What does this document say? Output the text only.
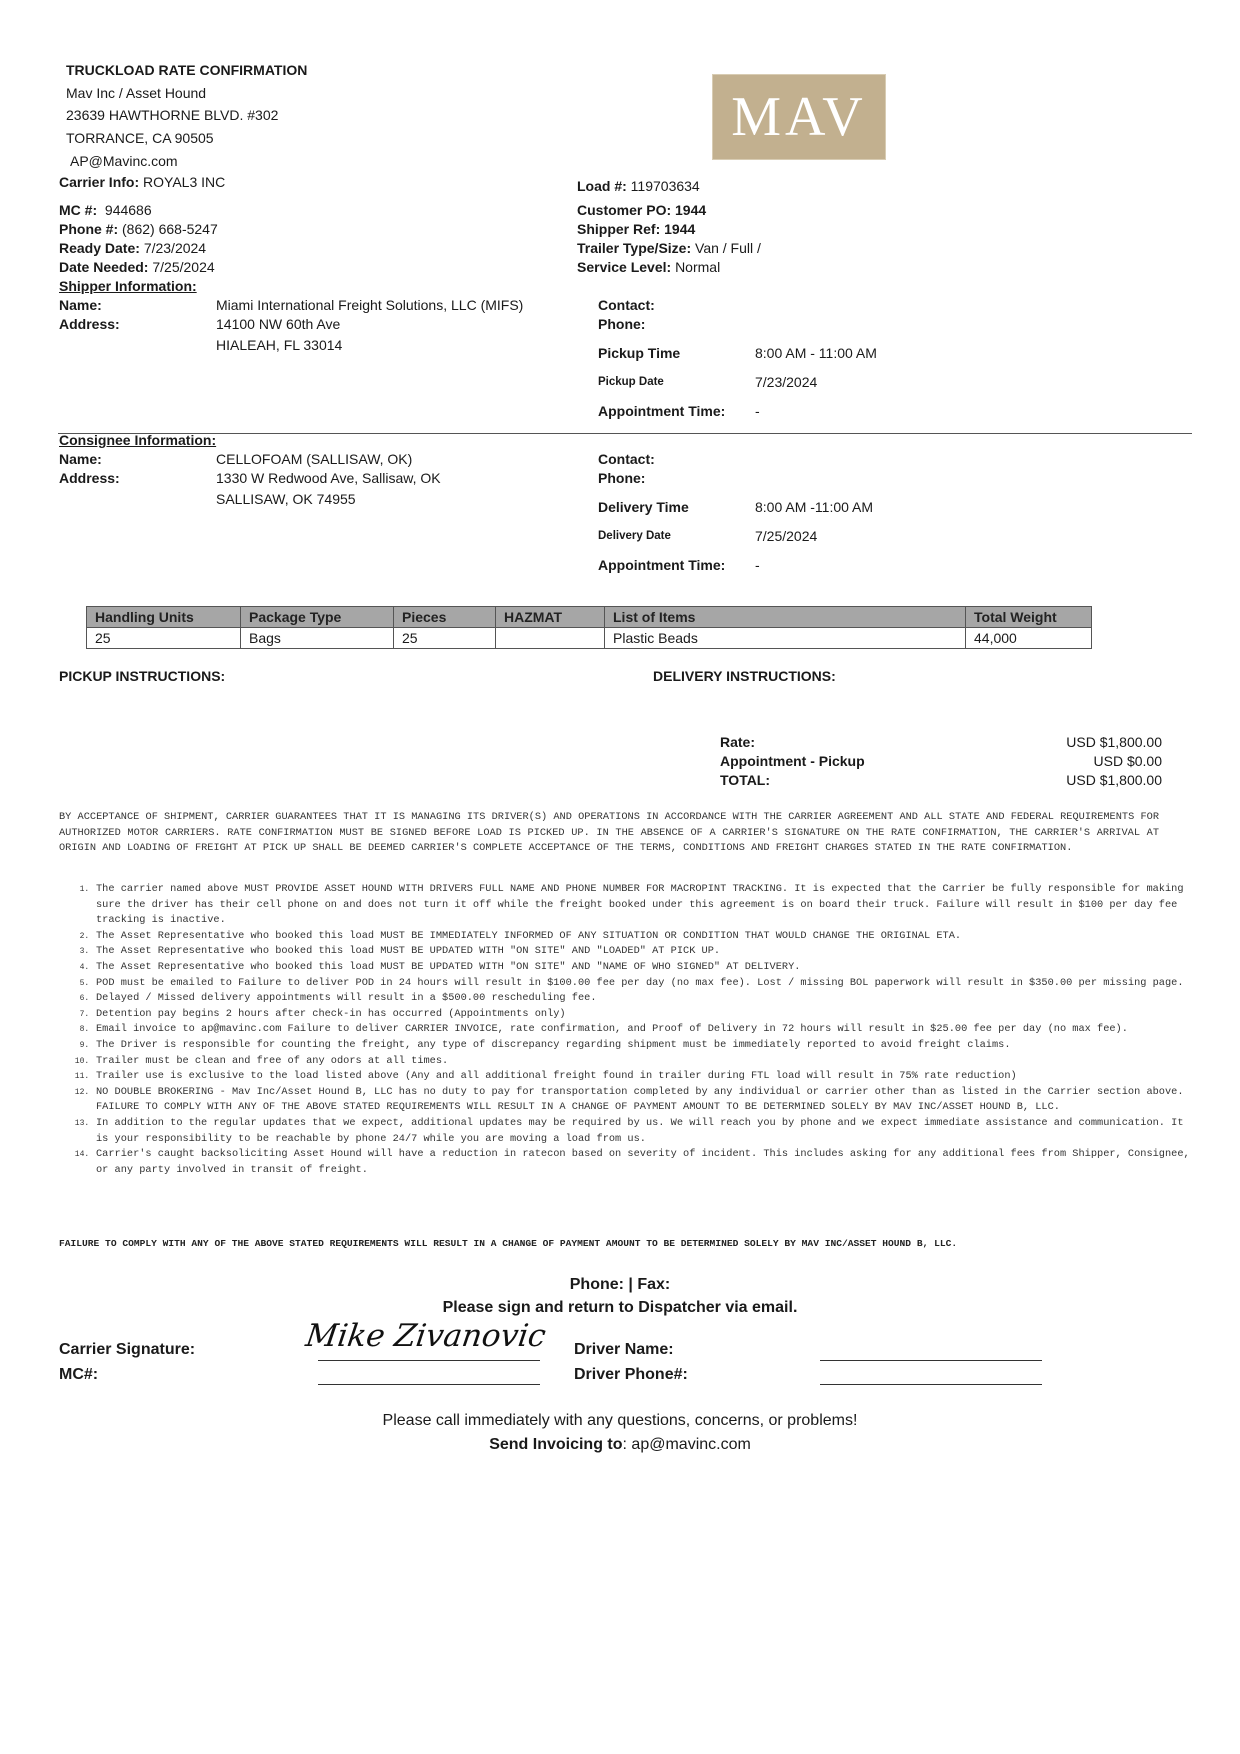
TRUCKLOAD RATE CONFIRMATION
Mav Inc / Asset Hound
23639 HAWTHORNE BLVD. #302
TORRANCE, CA 90505
AP@Mavinc.com
MAV
Carrier Info: ROYAL3 INC
MC #: 944686
Phone #: (862) 668-5247
Ready Date: 7/23/2024
Date Needed: 7/25/2024
Load #: 119703634
Customer PO: 1944
Shipper Ref: 1944
Trailer Type/Size: Van / Full /
Service Level: Normal
Shipper Information:
Name:	Miami International Freight Solutions, LLC (MIFS)
Address:	14100 NW 60th Ave
HIALEAH, FL 33014
Contact:
Phone:
Pickup Time	8:00 AM - 11:00 AM
Pickup Date	7/23/2024
Appointment Time: -
Consignee Information:
Name:	CELLOFOAM (SALLISAW, OK)
Address:	1330 W Redwood Ave, Sallisaw, OK
SALLISAW, OK 74955
Contact:
Phone:
Delivery Time	8:00 AM -11:00 AM
Delivery Date	7/25/2024
Appointment Time: -
Handling Units	Package Type	Pieces	HAZMAT	List of Items	Total Weight
25	Bags	25		Plastic Beads	44,000
PICKUP INSTRUCTIONS:	DELIVERY INSTRUCTIONS:
Rate:	USD $1,800.00
Appointment - Pickup	USD $0.00
TOTAL:	USD $1,800.00
BY ACCEPTANCE OF SHIPMENT, CARRIER GUARANTEES THAT IT IS MANAGING ITS DRIVER(S) AND OPERATIONS IN ACCORDANCE WITH THE CARRIER AGREEMENT AND ALL STATE AND FEDERAL REQUIREMENTS FOR AUTHORIZED MOTOR CARRIERS. RATE CONFIRMATION MUST BE SIGNED BEFORE LOAD IS PICKED UP. IN THE ABSENCE OF A CARRIER'S SIGNATURE ON THE RATE CONFIRMATION, THE CARRIER'S ARRIVAL AT ORIGIN AND LOADING OF FREIGHT AT PICK UP SHALL BE DEEMED CARRIER'S COMPLETE ACCEPTANCE OF THE TERMS, CONDITIONS AND FREIGHT CHARGES STATED IN THE RATE CONFIRMATION.
1. The carrier named above MUST PROVIDE ASSET HOUND WITH DRIVERS FULL NAME AND PHONE NUMBER FOR MACROPINT TRACKING. It is expected that the Carrier be fully responsible for making sure the driver has their cell phone on and does not turn it off while the freight booked under this agreement is on board their truck. Failure will result in $100 per day fee tracking is inactive.
2. The Asset Representative who booked this load MUST BE IMMEDIATELY INFORMED OF ANY SITUATION OR CONDITION THAT WOULD CHANGE THE ORIGINAL ETA.
3. The Asset Representative who booked this load MUST BE UPDATED WITH "ON SITE" AND "LOADED" AT PICK UP.
4. The Asset Representative who booked this load MUST BE UPDATED WITH "ON SITE" AND "NAME OF WHO SIGNED" AT DELIVERY.
5. POD must be emailed to Failure to deliver POD in 24 hours will result in $100.00 fee per day (no max fee). Lost / missing BOL paperwork will result in $350.00 per missing page.
6. Delayed / Missed delivery appointments will result in a $500.00 rescheduling fee.
7. Detention pay begins 2 hours after check-in has occurred (Appointments only)
8. Email invoice to ap@mavinc.com Failure to deliver CARRIER INVOICE, rate confirmation, and Proof of Delivery in 72 hours will result in $25.00 fee per day (no max fee).
9. The Driver is responsible for counting the freight, any type of discrepancy regarding shipment must be immediately reported to avoid freight claims.
10. Trailer must be clean and free of any odors at all times.
11. Trailer use is exclusive to the load listed above (Any and all additional freight found in trailer during FTL load will result in 75% rate reduction)
12. NO DOUBLE BROKERING - Mav Inc/Asset Hound B, LLC has no duty to pay for transportation completed by any individual or carrier other than as listed in the Carrier section above. FAILURE TO COMPLY WITH ANY OF THE ABOVE STATED REQUIREMENTS WILL RESULT IN A CHANGE OF PAYMENT AMOUNT TO BE DETERMINED SOLELY BY MAV INC/ASSET HOUND B, LLC.
13. In addition to the regular updates that we expect, additional updates may be required by us. We will reach you by phone and we expect immediate assistance and communication. It is your responsibility to be reachable by phone 24/7 while you are moving a load from us.
14. Carrier's caught backsoliciting Asset Hound will have a reduction in ratecon based on severity of incident. This includes asking for any additional fees from Shipper, Consignee, or any party involved in transit of freight.
FAILURE TO COMPLY WITH ANY OF THE ABOVE STATED REQUIREMENTS WILL RESULT IN A CHANGE OF PAYMENT AMOUNT TO BE DETERMINED SOLELY BY MAV INC/ASSET HOUND B, LLC.
Phone: | Fax:
Please sign and return to Dispatcher via email.
Carrier Signature:
MC#:
Mike Zivanovic Driver Name:
Driver Phone#:
Please call immediately with any questions, concerns, or problems!
Send Invoicing to: ap@mavinc.com
